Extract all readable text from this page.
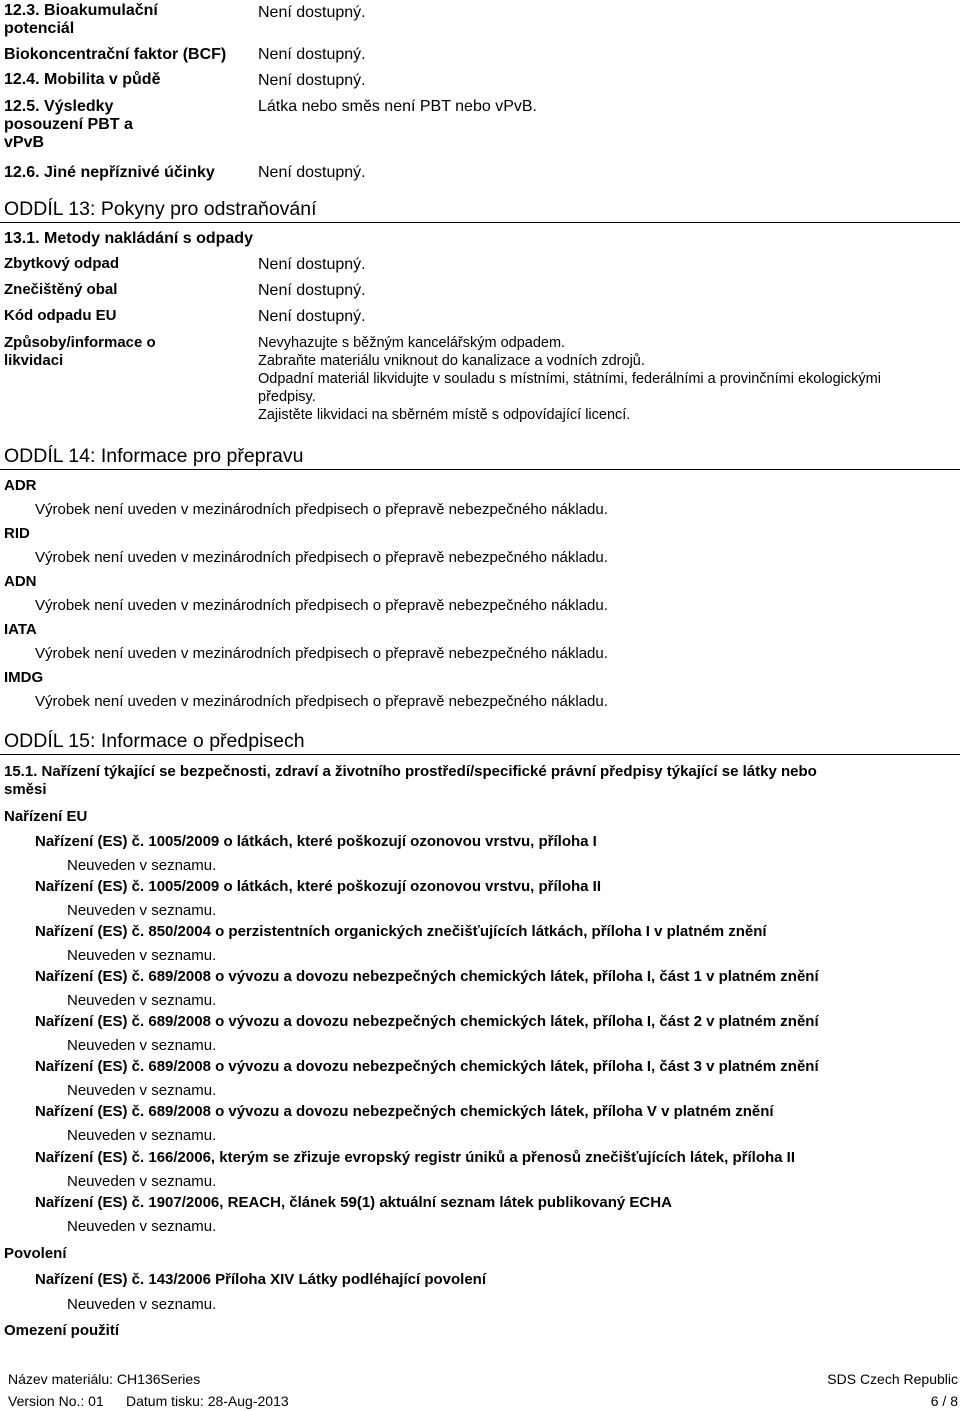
12.3. Bioakumulační
potenciál
Není dostupný.
Biokoncentrační faktor (BCF) Není dostupný.
12.4. Mobilita v půdě	Není dostupný.
12.5. Výsledky
posouzení PBT a
vPvB
Látka nebo směs není PBT nebo vPvB.
12.6. Jiné nepříznivé účinky	Není dostupný.
ODDÍL 13: Pokyny pro odstraňování
13.1. Metody nakládání s odpady
Zbytkový odpad	Není dostupný.
Znečištěný obal	Není dostupný.
Kód odpadu EU	Není dostupný.
Způsoby/informace o
likvidaci
Nevyhazujte s běžným kancelářským odpadem.
Zabraňte materiálu vniknout do kanalizace a vodních zdrojů.
Odpadní materiál likvidujte v souladu s místními, státními, federálními a provinčními ekologickými
předpisy.
Zajistěte likvidaci na sběrném místě s odpovídající licencí.
ODDÍL 14: Informace pro přepravu
ADR
Výrobek není uveden v mezinárodních předpisech o přepravě nebezpečného nákladu.
RID
Výrobek není uveden v mezinárodních předpisech o přepravě nebezpečného nákladu.
ADN
Výrobek není uveden v mezinárodních předpisech o přepravě nebezpečného nákladu.
IATA
Výrobek není uveden v mezinárodních předpisech o přepravě nebezpečného nákladu.
IMDG
Výrobek není uveden v mezinárodních předpisech o přepravě nebezpečného nákladu.
ODDÍL 15: Informace o předpisech
15.1. Nařízení týkající se bezpečnosti, zdraví a životního prostředí/specifické právní předpisy týkající se látky nebo
směsi
Nařízení EU
Nařízení (ES) č. 1005/2009 o látkách, které poškozují ozonovou vrstvu, příloha I
Neuveden v seznamu.
Nařízení (ES) č. 1005/2009 o látkách, které poškozují ozonovou vrstvu, příloha II
Neuveden v seznamu.
Nařízení (ES) č. 850/2004 o perzistentních organických znečišťujících látkách, příloha I v platném znění
Neuveden v seznamu.
Nařízení (ES) č. 689/2008 o vývozu a dovozu nebezpečných chemických látek, příloha I, část 1 v platném znění
Neuveden v seznamu.
Nařízení (ES) č. 689/2008 o vývozu a dovozu nebezpečných chemických látek, příloha I, část 2 v platném znění
Neuveden v seznamu.
Nařízení (ES) č. 689/2008 o vývozu a dovozu nebezpečných chemických látek, příloha I, část 3 v platném znění
Neuveden v seznamu.
Nařízení (ES) č. 689/2008 o vývozu a dovozu nebezpečných chemických látek, příloha V v platném znění
Neuveden v seznamu.
Nařízení (ES) č. 166/2006, kterým se zřizuje evropský registr úniků a přenosů znečišťujících látek, příloha II
Neuveden v seznamu.
Nařízení (ES) č. 1907/2006, REACH, článek 59(1) aktuální seznam látek publikovaný ECHA
Neuveden v seznamu.
Povolení
Nařízení (ES) č. 143/2006 Příloha XIV Látky podléhající povolení
Neuveden v seznamu.
Omezení použití
Název materiálu: CH136Series
Version No.: 01 Datum tisku: 28-Aug-2013
SDS Czech Republic
6 / 8
